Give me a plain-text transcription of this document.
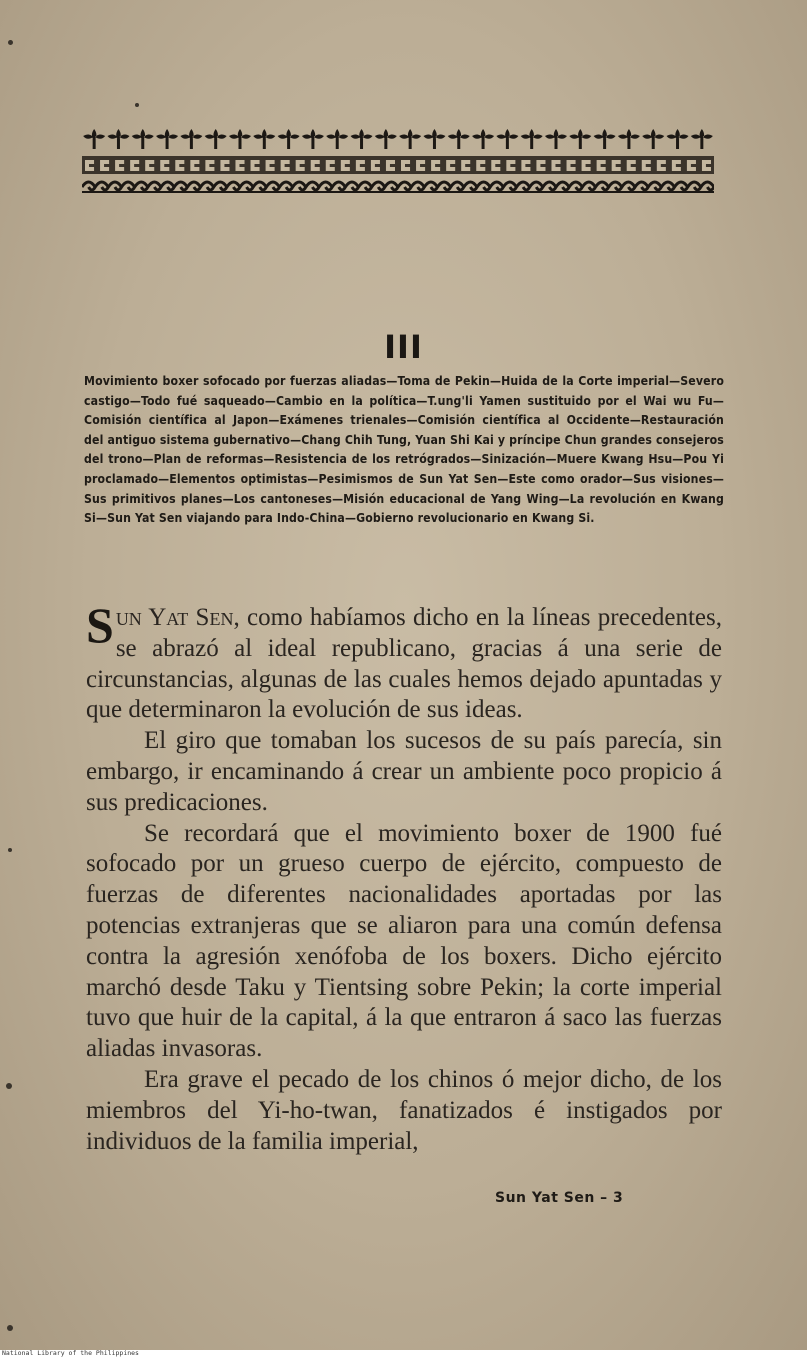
III
Movimiento boxer sofocado por fuerzas aliadas—Toma de Pekin—Huida de la Corte imperial—Severo castigo—Todo fué saqueado—Cambio en la política—T.ung'li Yamen sustituido por el Wai wu Fu—Comisión científica al Japon—Exámenes trienales—Comisión científica al Occidente—Restauración del antiguo sistema gubernativo—Chang Chih Tung, Yuan Shi Kai y príncipe Chun grandes consejeros del trono—Plan de reformas—Resistencia de los retrógrados—Sinización—Muere Kwang Hsu—Pou Yi proclamado—Elementos optimistas—Pesimismos de Sun Yat Sen—Este como orador—Sus visiones—Sus primitivos planes—Los cantoneses—Misión educacional de Yang Wing—La revolución en Kwang Si—Sun Yat Sen viajando para Indo-China—Gobierno revolucionario en Kwang Si.

Sun Yat Sen, como habíamos dicho en la líneas precedentes, se abrazó al ideal republicano, gracias á una serie de circunstancias, algunas de las cuales hemos dejado apuntadas y que determinaron la evolución de sus ideas.

El giro que tomaban los sucesos de su país parecía, sin embargo, ir encaminando á crear un ambiente poco propicio á sus predicaciones.

Se recordará que el movimiento boxer de 1900 fué sofocado por un grueso cuerpo de ejército, compuesto de fuerzas de diferentes nacionalidades aportadas por las potencias extranjeras que se aliaron para una común defensa contra la agresión xenófoba de los boxers. Dicho ejército marchó desde Taku y Tientsing sobre Pekin; la corte imperial tuvo que huir de la capital, á la que entraron á saco las fuerzas aliadas invasoras.

Era grave el pecado de los chinos ó mejor dicho, de los miembros del Yi-ho-twan, fanatizados é instigados por individuos de la familia imperial,

Sun Yat Sen – 3
National Library of the Philippines
